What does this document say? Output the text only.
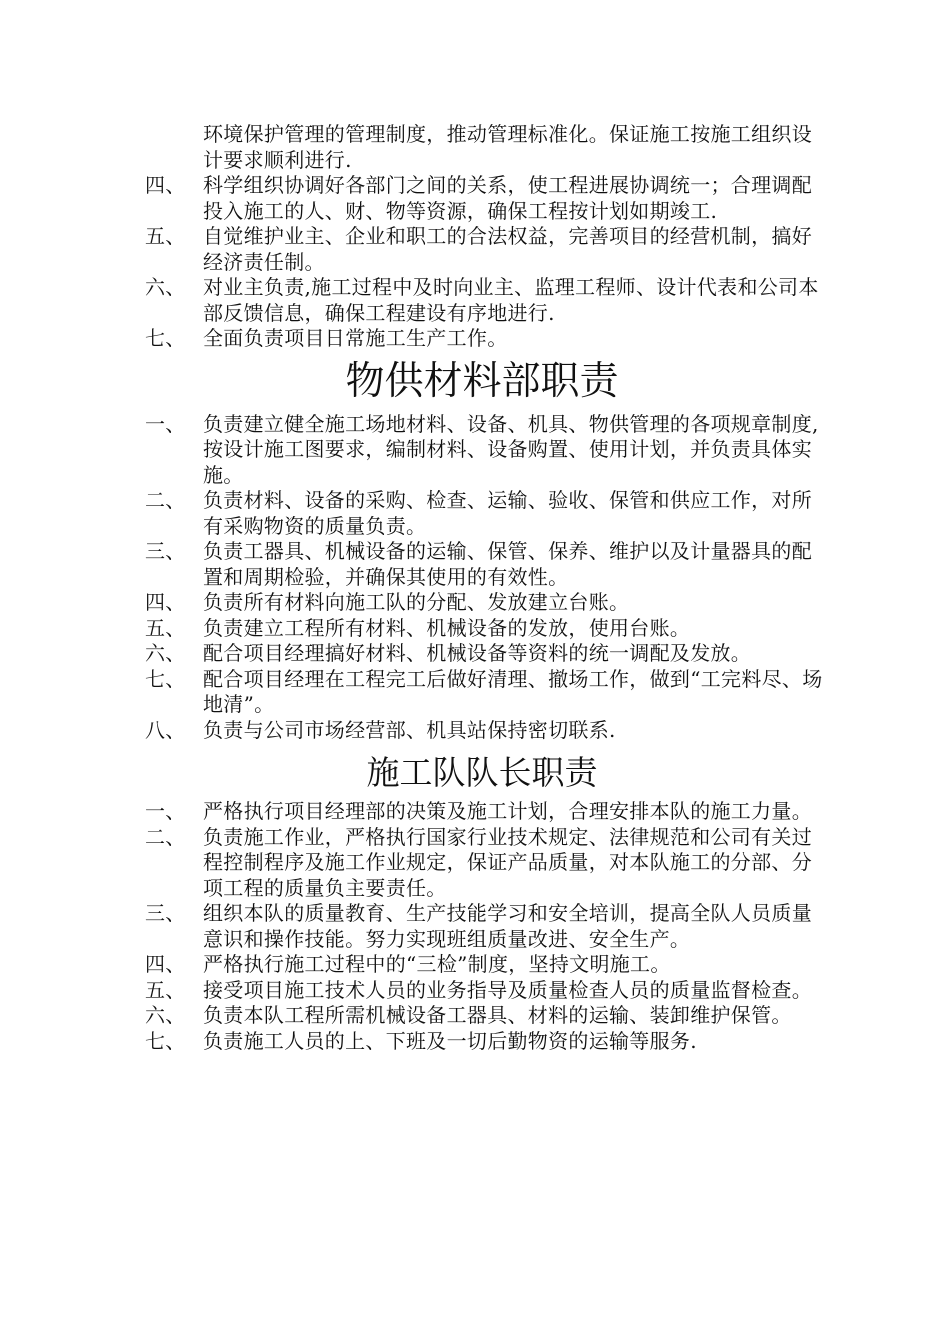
环境保护管理的管理制度，推动管理标准化。保证施工按施工组织设计要求顺利进行.
四、 科学组织协调好各部门之间的关系，使工程进展协调统一；合理调配投入施工的人、财、物等资源，确保工程按计划如期竣工.
五、 自觉维护业主、企业和职工的合法权益，完善项目的经营机制，搞好经济责任制。
六、 对业主负责,施工过程中及时向业主、监理工程师、设计代表和公司本部反馈信息，确保工程建设有序地进行.
七、 全面负责项目日常施工生产工作。
物供材料部职责
一、 负责建立健全施工场地材料、设备、机具、物供管理的各项规章制度,按设计施工图要求，编制材料、设备购置、使用计划，并负责具体实施。
二、 负责材料、设备的采购、检查、运输、验收、保管和供应工作，对所有采购物资的质量负责。
三、 负责工器具、机械设备的运输、保管、保养、维护以及计量器具的配置和周期检验，并确保其使用的有效性。
四、 负责所有材料向施工队的分配、发放建立台账。
五、 负责建立工程所有材料、机械设备的发放，使用台账。
六、 配合项目经理搞好材料、机械设备等资料的统一调配及发放。
七、 配合项目经理在工程完工后做好清理、撤场工作，做到“工完料尽、场地清”。
八、 负责与公司市场经营部、机具站保持密切联系.
施工队队长职责
一、 严格执行项目经理部的决策及施工计划，合理安排本队的施工力量。
二、 负责施工作业，严格执行国家行业技术规定、法律规范和公司有关过程控制程序及施工作业规定，保证产品质量，对本队施工的分部、分项工程的质量负主要责任。
三、 组织本队的质量教育、生产技能学习和安全培训，提高全队人员质量意识和操作技能。努力实现班组质量改进、安全生产。
四、 严格执行施工过程中的“三检”制度，坚持文明施工。
五、 接受项目施工技术人员的业务指导及质量检查人员的质量监督检查。
六、 负责本队工程所需机械设备工器具、材料的运输、装卸维护保管。
七、 负责施工人员的上、下班及一切后勤物资的运输等服务.
